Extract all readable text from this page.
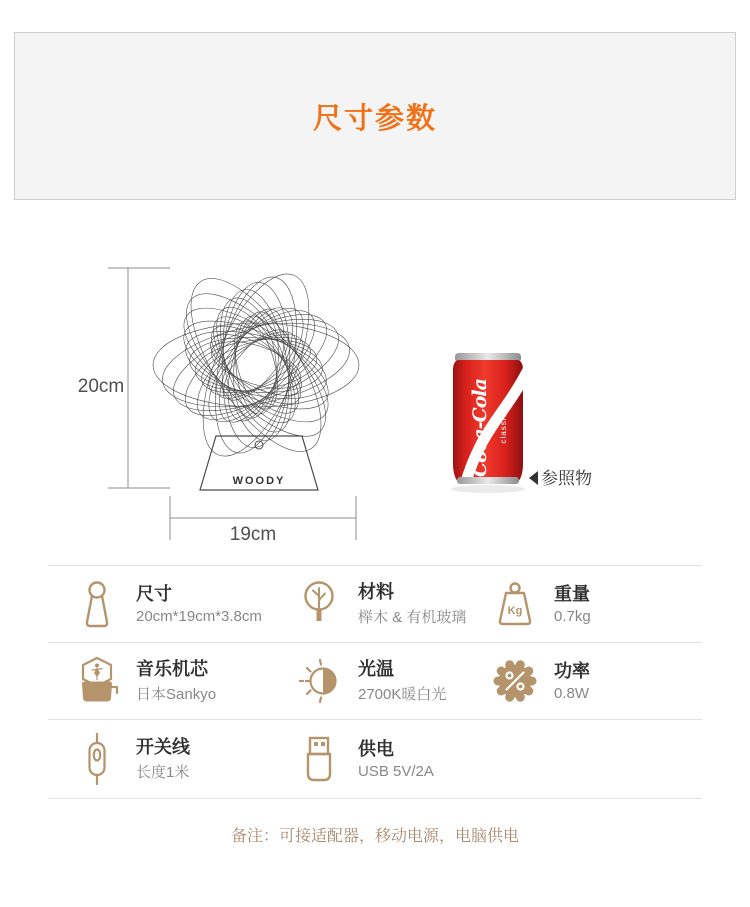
尺寸参数
20cm
19cm
WOODY
Coca-Cola classic
参照物
尺寸
20cm*19cm*3.8cm
材料
榉木 & 有机玻璃	Kg
重量
0.7kg
音乐机芯
日本Sankyo
光温
2700K暖白光
功率
0.8W
开关线
长度1米
供电
USB 5V/2A

备注：可接适配器，移动电源，电脑供电
